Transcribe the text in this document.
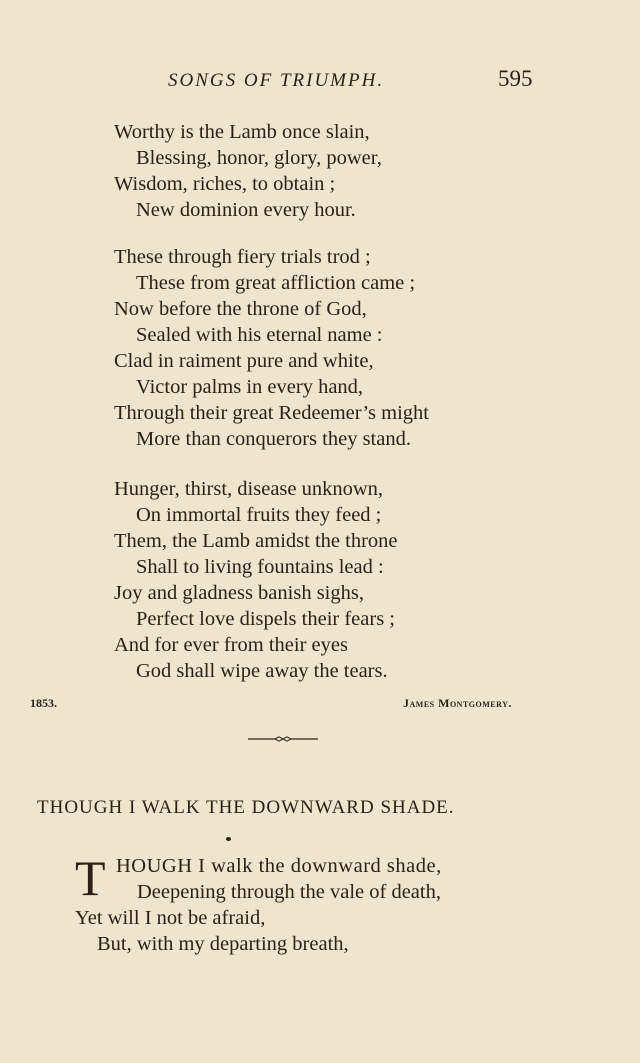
SONGS OF TRIUMPH.	595
Worthy is the Lamb once slain,
Blessing, honor, glory, power,
Wisdom, riches, to obtain ;
New dominion every hour.
These through fiery trials trod ;
These from great affliction came ;
Now before the throne of God,
Sealed with his eternal name :
Clad in raiment pure and white,
Victor palms in every hand,
Through their great Redeemer’s might
More than conquerors they stand.
Hunger, thirst, disease unknown,
On immortal fruits they feed ;
Them, the Lamb amidst the throne
Shall to living fountains lead :
Joy and gladness banish sighs,
Perfect love dispels their fears ;
And for ever from their eyes
God shall wipe away the tears.
1853.	James Montgomery.
THOUGH I WALK THE DOWNWARD SHADE.
T HOUGH I walk the downward shade,
Deepening through the vale of death,
Yet will I not be afraid,
But, with my departing breath,
